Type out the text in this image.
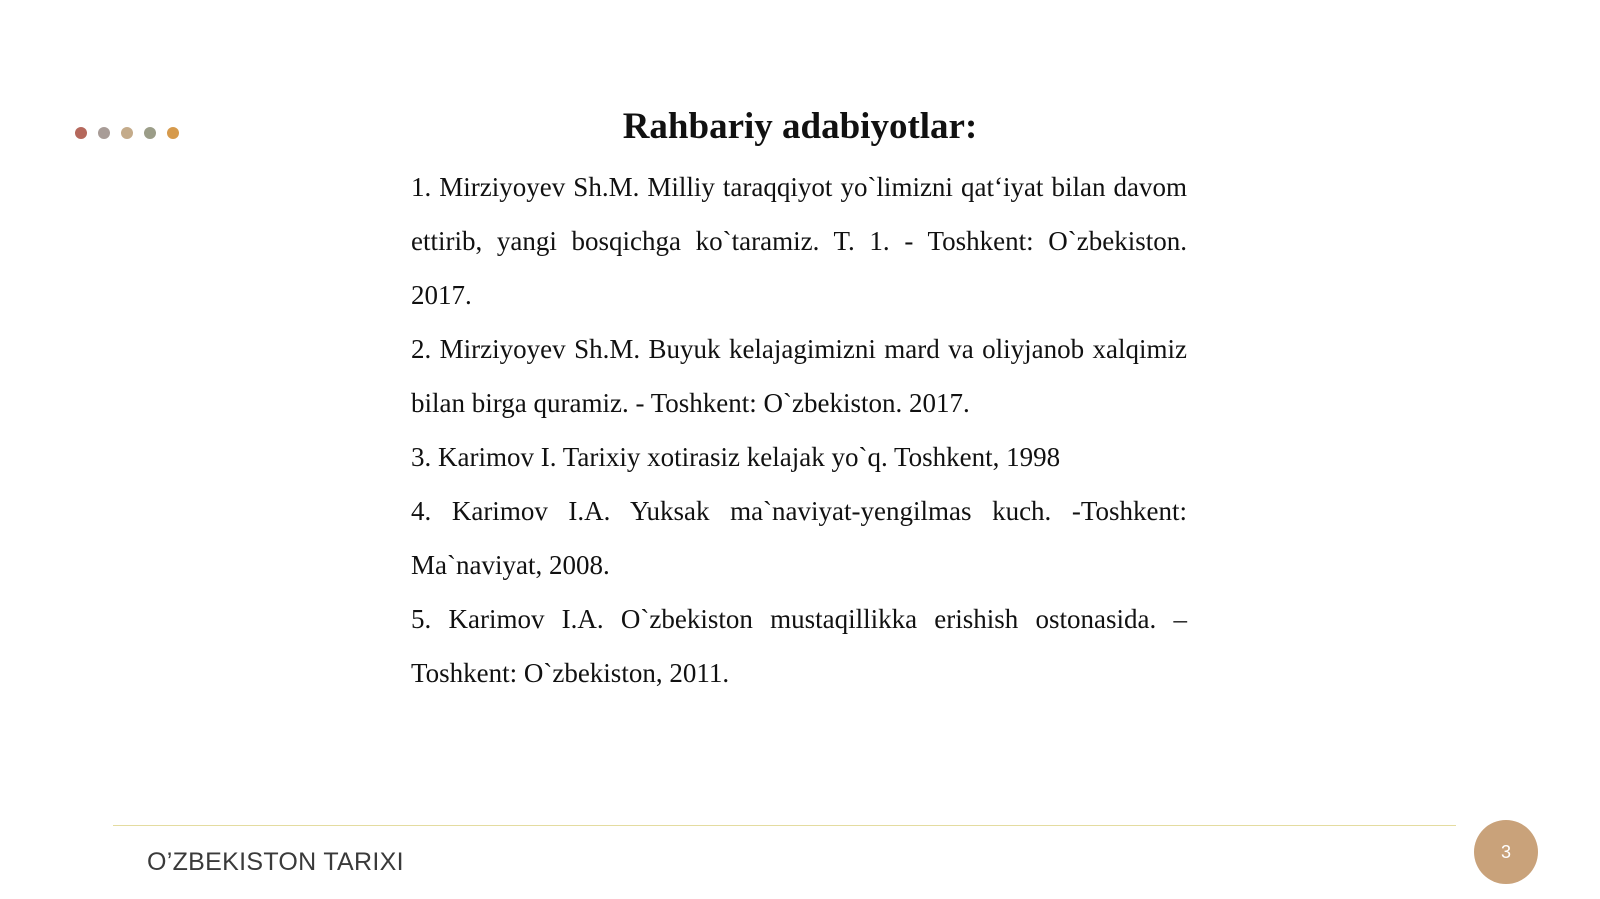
Rahbariy adabiyotlar:
1. Mirziyoyev Sh.M. Milliy taraqqiyot yo`limizni qat‘iyat bilan davom ettirib, yangi bosqichga ko`taramiz. T. 1. - Toshkent: O`zbekiston. 2017.
2. Mirziyoyev Sh.M. Buyuk kelajagimizni mard va oliyjanob xalqimiz bilan birga quramiz. - Toshkent: O`zbekiston. 2017.
3. Karimov I. Tarixiy xotirasiz kelajak yo`q. Toshkent, 1998
4. Karimov I.A. Yuksak ma`naviyat-yengilmas kuch. -Toshkent: Ma`naviyat, 2008.
5. Karimov I.A. O`zbekiston mustaqillikka erishish ostonasida. – Toshkent: O`zbekiston, 2011.
O’ZBEKISTON TARIXI	3
